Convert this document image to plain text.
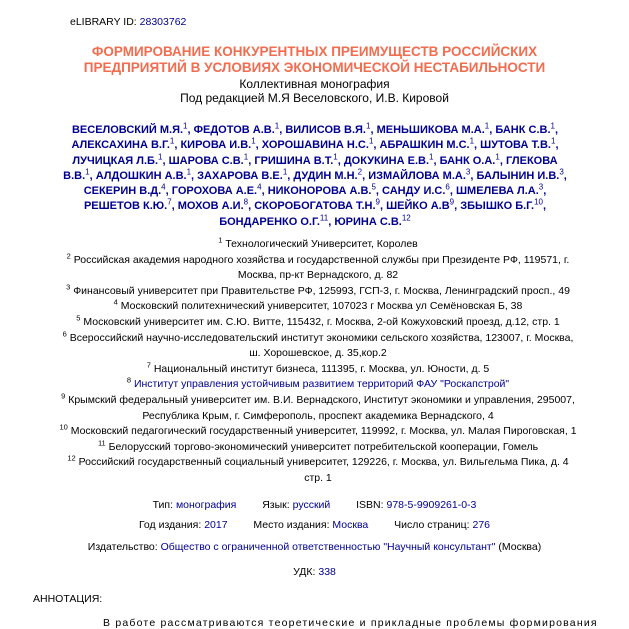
eLIBRARY ID: 28303762
ФОРМИРОВАНИЕ КОНКУРЕНТНЫХ ПРЕИМУЩЕСТВ РОССИЙСКИХ
ПРЕДПРИЯТИЙ В УСЛОВИЯХ ЭКОНОМИЧЕСКОЙ НЕСТАБИЛЬНОСТИ
Коллективная монография
Под редакцией М.Я Веселовского, И.В. Кировой
ВЕСЕЛОВСКИЙ М.Я.$^1$, ФЕДОТОВ А.В.$^1$, ВИЛИСОВ В.Я.$^1$, МЕНЬШИКОВА М.А.$^1$, БАНК С.В.$^1$, АЛЕКСАХИНА В.Г.$^1$, КИРОВА И.В.$^1$, ХОРОШАВИНА Н.С.$^1$, АБРАШКИН М.С.$^1$, ШУТОВА Т.В.$^1$, ЛУЧИЦКАЯ Л.Б.$^1$, ШАРОВА С.В.$^1$, ГРИШИНА В.Т.$^1$, ДОКУКИНА Е.В.$^1$, БАНК О.А.$^1$, ГЛЕКОВА В.В.$^1$, АЛДОШКИН А.В.$^1$, ЗАХАРОВА В.Е.$^1$, ДУДИН М.Н.$^2$, ИЗМАЙЛОВА М.А.$^3$, БАЛЫНИН И.В.$^3$, СЕКЕРИН В.Д.$^4$, ГОРОХОВА А.Е.$^4$, НИКОНОРОВА А.В.$^5$, САНДУ И.С.$^6$, ШМЕЛЕВА Л.А.$^3$, РЕШЕТОВ К.Ю.$^7$, МОХОВ А.И.$^8$, СКОРОБОГАТОВА Т.Н.$^9$, ШЕЙКО $А.В^9$, ЗБЫШКО Б.Г.$^{10}$, БОНДАРЕНКО О.Г.$^{11}$, ЮРИНА С.В.$^{12}$
$^1$ Технологический Университет, Королев
$^2$ Российская академия народного хозяйства и государственной службы при Президенте РФ, 119571, г. Москва, пр-кт Вернадского, д. 82
$^3$ Финансовый университет при Правительстве РФ, 125993, ГСП-3, г. Москва, Ленинградский просп., 49
$^4$ Московский политехнический университет, 107023 г Москва ул Семёновская Б, 38
$^5$ Московский университет им. С.Ю. Витте, 115432, г. Москва, 2-ой Кожуховский проезд, д.12, стр. 1
$^6$ Всероссийский научно-исследовательский институт экономики сельского хозяйства, 123007, г. Москва, ш. Хорошевское, д. 35,кор.2
$^7$ Национальный институт бизнеса, 111395, г. Москва, ул. Юности, д. 5
$^8$ Институт управления устойчивым развитием территорий ФАУ "Роскапстрой"
$^9$ Крымский федеральный университет им. В.И. Вернадского, Институт экономики и управления, 295007, Республика Крым, г. Симферополь, проспект академика Вернадского, 4
$^{10}$ Московский педагогический государственный университет, 119992, г. Москва, ул. Малая Пироговская, 1
$^{11}$ Белорусский торгово-экономический университет потребительской кооперации, Гомель
$^{12}$ Российский государственный социальный университет, 129226, г. Москва, ул. Вильгельма Пика, д. 4 стр. 1
Тип: монография Язык: русский ISBN: 978-5-9909261-0-3
Год издания: 2017 Место издания: Москва Число страниц: 276
Издательство: Общество с ограниченной ответственностью "Научный консультант" (Москва)
УДК: 338
АННОТАЦИЯ:
В работе рассматриваются теоретические и прикладные проблемы формирования
